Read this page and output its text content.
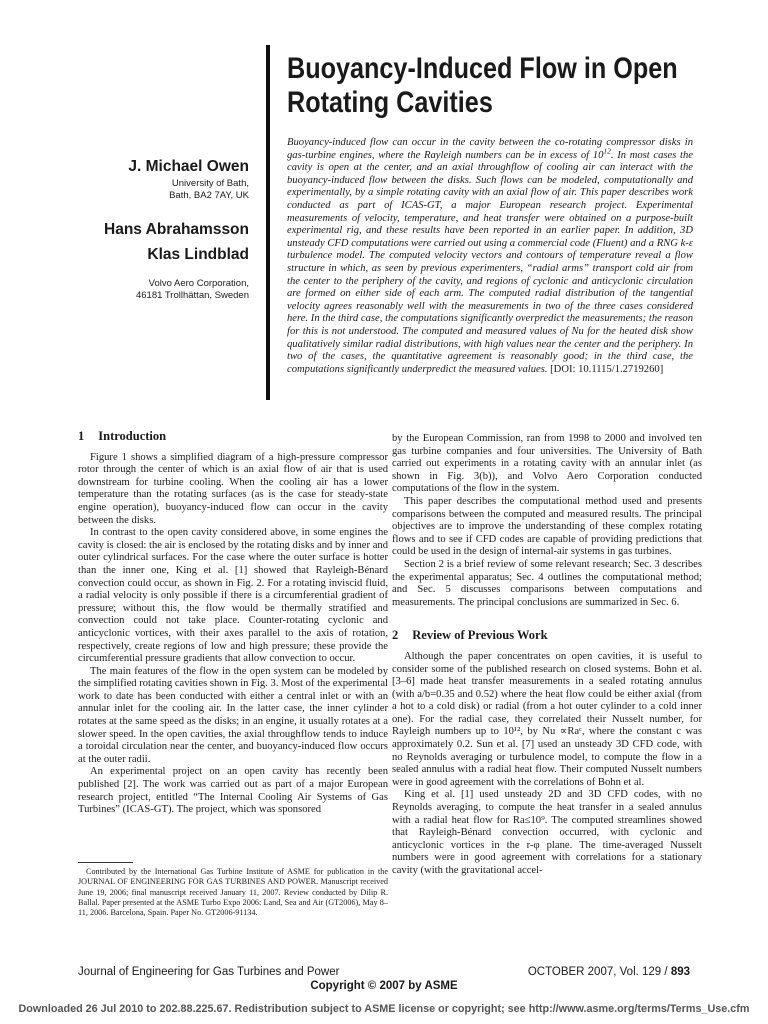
Buoyancy-Induced Flow in Open
Rotating Cavities
J. Michael Owen
University of Bath,
Bath, BA2 7AY, UK
Hans Abrahamsson
Klas Lindblad
Volvo Aero Corporation,
46181 Trollhättan, Sweden

Buoyancy-induced flow can occur in the cavity between the co-rotating compressor disks in gas-turbine engines, where the Rayleigh numbers can be in excess of $10^{12}$. In most cases the cavity is open at the center, and an axial throughflow of cooling air can interact with the buoyancy-induced flow between the disks. Such flows can be modeled, computationally and experimentally, by a simple rotating cavity with an axial flow of air. This paper describes work conducted as part of ICAS-GT, a major European research project. Experimental measurements of velocity, temperature, and heat transfer were obtained on a purpose-built experimental rig, and these results have been reported in an earlier paper. In addition, 3D unsteady CFD computations were carried out using a commercial code (Fluent) and a RNG k-ε turbulence model. The computed velocity vectors and contours of temperature reveal a flow structure in which, as seen by previous experimenters, “radial arms” transport cold air from the center to the periphery of the cavity, and regions of cyclonic and anticyclonic circulation are formed on either side of each arm. The computed radial distribution of the tangential velocity agrees reasonably well with the measurements in two of the three cases considered here. In the third case, the computations significantly overpredict the measurements; the reason for this is not understood. The computed and measured values of Nu for the heated disk show qualitatively similar radial distributions, with high values near the center and the periphery. In two of the cases, the quantitative agreement is reasonably good; in the third case, the computations significantly underpredict the measured values. [DOI: 10.1115/1.2719260]

1 Introduction

Figure 1 shows a simplified diagram of a high-pressure compressor rotor through the center of which is an axial flow of air that is used downstream for turbine cooling. When the cooling air has a lower temperature than the rotating surfaces (as is the case for steady-state engine operation), buoyancy-induced flow can occur in the cavity between the disks.

In contrast to the open cavity considered above, in some engines the cavity is closed: the air is enclosed by the rotating disks and by inner and outer cylindrical surfaces. For the case where the outer surface is hotter than the inner one, King et al. [1] showed that Rayleigh-Bénard convection could occur, as shown in Fig. 2. For a rotating inviscid fluid, a radial velocity is only possible if there is a circumferential gradient of pressure; without this, the flow would be thermally stratified and convection could not take place. Counter-rotating cyclonic and anticyclonic vortices, with their axes parallel to the axis of rotation, respectively, create regions of low and high pressure; these provide the circumferential pressure gradients that allow convection to occur.

The main features of the flow in the open system can be modeled by the simplified rotating cavities shown in Fig. 3. Most of the experimental work to date has been conducted with either a central inlet or with an annular inlet for the cooling air. In the latter case, the inner cylinder rotates at the same speed as the disks; in an engine, it usually rotates at a slower speed. In the open cavities, the axial throughflow tends to induce a toroidal circulation near the center, and buoyancy-induced flow occurs at the outer radii.

An experimental project on an open cavity has recently been published [2]. The work was carried out as part of a major European research project, entitled “The Internal Cooling Air Systems of Gas Turbines” (ICAS-GT). The project, which was sponsored

Contributed by the International Gas Turbine Institute of ASME for publication in the JOURNAL OF ENGINEERING FOR GAS TURBINES AND POWER. Manuscript received June 19, 2006; final manuscript received January 11, 2007. Review conducted by Dilip R. Ballal. Paper presented at the ASME Turbo Expo 2006: Land, Sea and Air (GT2006), May 8–11, 2006. Barcelona, Spain. Paper No. GT2006-91134.

by the European Commission, ran from 1998 to 2000 and involved ten gas turbine companies and four universities. The University of Bath carried out experiments in a rotating cavity with an annular inlet (as shown in Fig. 3(b)), and Volvo Aero Corporation conducted computations of the flow in the system.

This paper describes the computational method used and presents comparisons between the computed and measured results. The principal objectives are to improve the understanding of these complex rotating flows and to see if CFD codes are capable of providing predictions that could be used in the design of internal-air systems in gas turbines.

Section 2 is a brief review of some relevant research; Sec. 3 describes the experimental apparatus; Sec. 4 outlines the computational method; and Sec. 5 discusses comparisons between computations and measurements. The principal conclusions are summarized in Sec. 6.

2 Review of Previous Work

Although the paper concentrates on open cavities, it is useful to consider some of the published research on closed systems. Bohn et al. [3–6] made heat transfer measurements in a sealed rotating annulus (with a/b=0.35 and 0.52) where the heat flow could be either axial (from a hot to a cold disk) or radial (from a hot outer cylinder to a cold inner one). For the radial case, they correlated their Nusselt number, for Rayleigh numbers up to 10¹², by Nu ∝Raᶜ, where the constant c was approximately 0.2. Sun et al. [7] used an unsteady 3D CFD code, with no Reynolds averaging or turbulence model, to compute the flow in a sealed annulus with a radial heat flow. Their computed Nusselt numbers were in good agreement with the correlations of Bohn et al.

King et al. [1] used unsteady 2D and 3D CFD codes, with no Reynolds averaging, to compute the heat transfer in a sealed annulus with a radial heat flow for Ra≤10⁹. The computed streamlines showed that Rayleigh-Bénard convection occurred, with cyclonic and anticyclonic vortices in the r-φ plane. The time-averaged Nusselt numbers were in good agreement with correlations for a stationary cavity (with the gravitational accel-

Journal of Engineering for Gas Turbines and Power	OCTOBER 2007, Vol. 129 / 893
Copyright © 2007 by ASME
Downloaded 26 Jul 2010 to 202.88.225.67. Redistribution subject to ASME license or copyright; see http://www.asme.org/terms/Terms_Use.cfm
